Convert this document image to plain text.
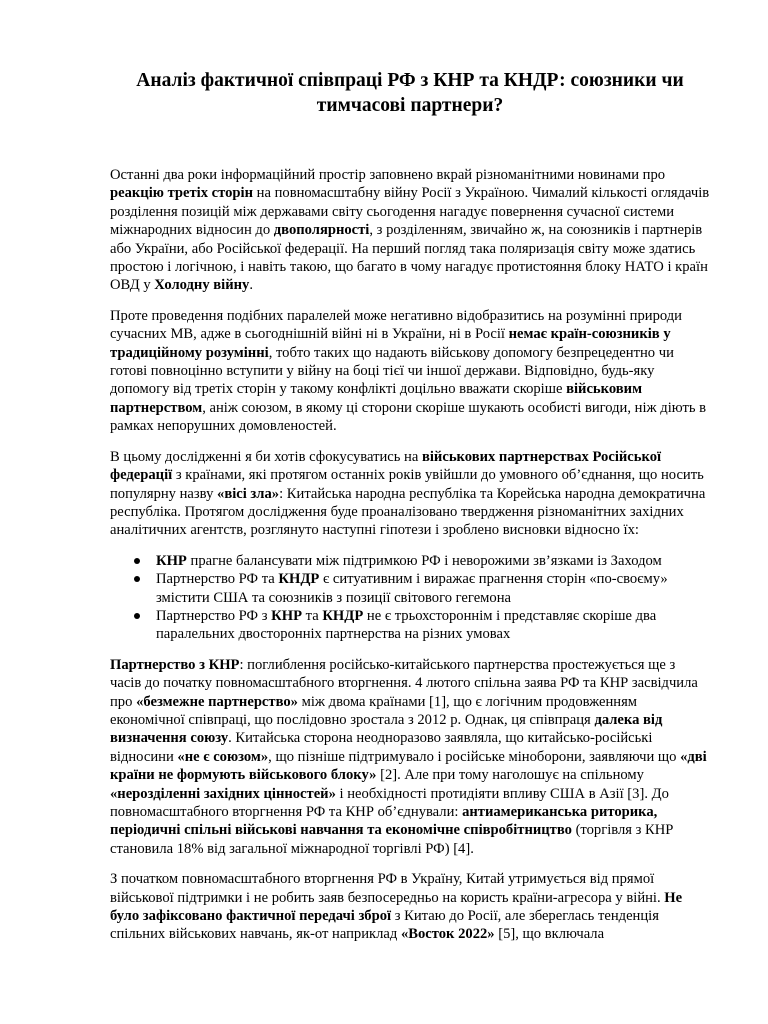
Аналіз фактичної співпраці РФ з КНР та КНДР: союзники чи тимчасові партнери?

Останні два роки інформаційний простір заповнено вкрай різноманітними новинами про реакцію третіх сторін на повномасштабну війну Росії з Україною. Чималий кількості оглядачів розділення позицій між державами світу сьогодення нагадує повернення сучасної системи міжнародних відносин до двополярності, з розділенням, звичайно ж, на союзників і партнерів або України, або Російської федерації. На перший погляд така поляризація світу може здатись простою і логічною, і навіть такою, що багато в чому нагадує протистояння блоку НАТО і країн ОВД у Холодну війну.

Проте проведення подібних паралелей може негативно відобразитись на розумінні природи сучасних МВ, адже в сьогоднішній війні ні в України, ні в Росії немає країн-союзників у традиційному розумінні, тобто таких що надають військову допомогу безпрецедентно чи готові повноцінно вступити у війну на боці тієї чи іншої держави. Відповідно, будь-яку допомогу від третіх сторін у такому конфлікті доцільно вважати скоріше військовим партнерством, аніж союзом, в якому ці сторони скоріше шукають особисті вигоди, ніж діють в рамках непорушних домовленостей.

В цьому дослідженні я би хотів сфокусуватись на військових партнерствах Російської федерації з країнами, які протягом останніх років увійшли до умовного об’єднання, що носить популярну назву «вісі зла»: Китайська народна республіка та Корейська народна демократична республіка. Протягом дослідження буде проаналізовано твердження різноманітних західних аналітичних агентств, розглянуто наступні гіпотези і зроблено висновки відносно їх:

КНР прагне балансувати між підтримкою РФ і неворожими зв’язками із Заходом
Партнерство РФ та КНДР є ситуативним і виражає прагнення сторін «по-своєму» змістити США та союзників з позиції світового гегемона
Партнерство РФ з КНР та КНДР не є трьохстороннім і представляє скоріше два паралельних двосторонніх партнерства на різних умовах

Партнерство з КНР: поглиблення російсько-китайського партнерства простежується ще з часів до початку повномасштабного вторгнення. 4 лютого спільна заява РФ та КНР засвідчила про «безмежне партнерство» між двома країнами [1], що є логічним продовженням економічної співпраці, що послідовно зростала з 2012 р. Однак, ця співпраця далека від визначення союзу. Китайська сторона неодноразово заявляла, що китайсько-російські відносини «не є союзом», що пізніше підтримувало і російське міноборони, заявляючи що «дві країни не формують військового блоку» [2]. Але при тому наголошує на спільному «нерозділенні західних цінностей» і необхідності протидіяти впливу США в Азії [3]. До повномасштабного вторгнення РФ та КНР об’єднували: антиамериканська риторика, періодичні спільні військові навчання та економічне співробітництво (торгівля з КНР становила 18% від загальної міжнародної торгівлі РФ) [4].

З початком повномасштабного вторгнення РФ в Україну, Китай утримується від прямої військової підтримки і не робить заяв безпосередньо на користь країни-агресора у війні. Не було зафіксовано фактичної передачі зброї з Китаю до Росії, але збереглась тенденція спільних військових навчань, як-от наприклад «Восток 2022» [5], що включала
